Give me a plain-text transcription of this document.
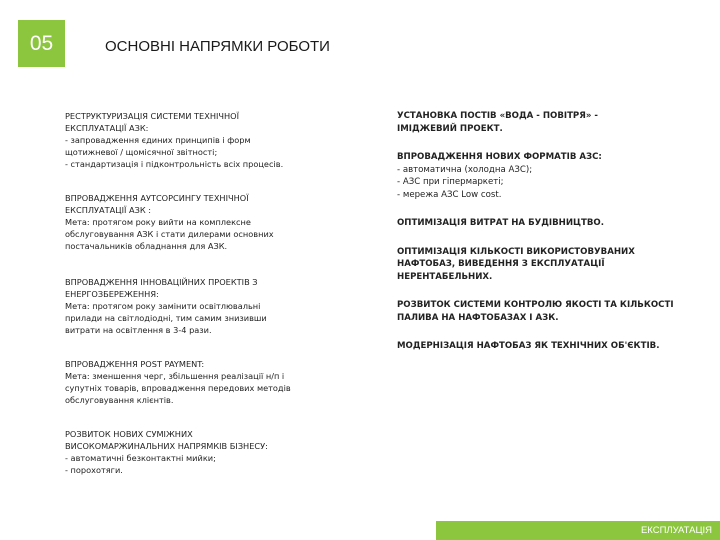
05	ОСНОВНІ НАПРЯМКИ РОБОТИ
РЕСТРУКТУРИЗАЦІЯ СИСТЕМИ ТЕХНІЧНОЇ
ЕКСПЛУАТАЦІЇ АЗК:
- запровадження єдиних принципів і форм
щотижневої / щомісячної звітності;
- стандартизація і підконтрольність всіх процесів.
ВПРОВАДЖЕННЯ АУТСОРСИНГУ ТЕХНІЧНОЇ
ЕКСПЛУАТАЦІЇ АЗК :
Мета: протягом року вийти на комплексне
обслуговування АЗК і стати дилерами основних
постачальників обладнання для АЗК.
ВПРОВАДЖЕННЯ ІННОВАЦІЙНИХ ПРОЕКТІВ З
ЕНЕРГОЗБЕРЕЖЕННЯ:
Мета: протягом року замінити освітлювальні
прилади на світлодіодні, тим самим знизивши
витрати на освітлення в 3-4 рази.
ВПРОВАДЖЕННЯ POST PAYMENT:
Мета: зменшення черг, збільшення реалізації н/п і
супутніх товарів, впровадження передових методів
обслуговування клієнтів.
РОЗВИТОК НОВИХ СУМІЖНИХ
ВИСОКОМАРЖИНАЛЬНИХ НАПРЯМКІВ БІЗНЕСУ:
- автоматичні безконтактні мийки;
- порохотяги.
УСТАНОВКА ПОСТІВ «ВОДА - ПОВІТРЯ» -
ІМІДЖЕВИЙ ПРОЕКТ.
ВПРОВАДЖЕННЯ НОВИХ ФОРМАТІВ АЗС:
- автоматична (холодна АЗС);
- АЗС при гіпермаркеті;
- мережа АЗС Low cost.
ОПТИМІЗАЦІЯ ВИТРАТ НА БУДІВНИЦТВО.
ОПТИМІЗАЦІЯ КІЛЬКОСТІ ВИКОРИСТОВУВАНИХ
НАФТОБАЗ, ВИВЕДЕННЯ З ЕКСПЛУАТАЦІЇ
НЕРЕНТАБЕЛЬНИХ.
РОЗВИТОК СИСТЕМИ КОНТРОЛЮ ЯКОСТІ ТА КІЛЬКОСТІ
ПАЛИВА НА НАФТОБАЗАХ І АЗК.
МОДЕРНІЗАЦІЯ НАФТОБАЗ ЯК ТЕХНІЧНИХ ОБ'ЄКТІВ.
ЕКСПЛУАТАЦІЯ
